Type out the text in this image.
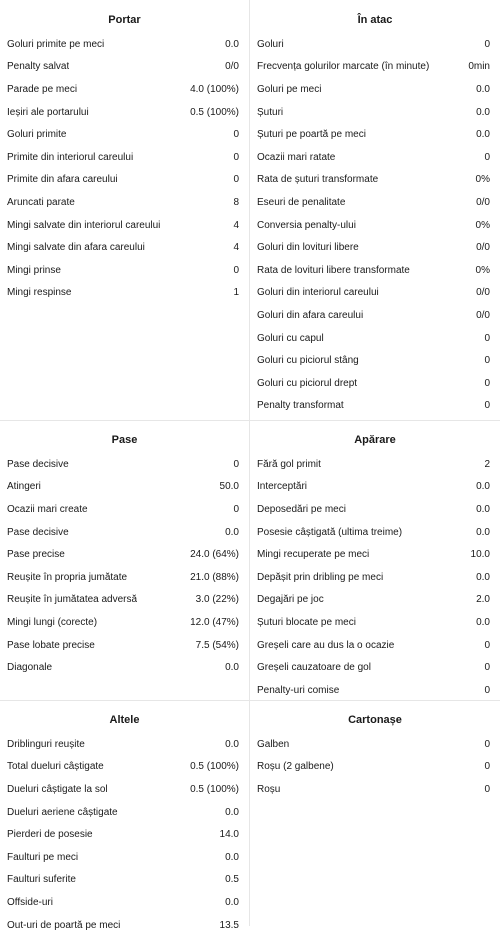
Portar
Goluri primite pe meci	0.0
Penalty salvat	0/0
Parade pe meci	4.0 (100%)
Ieșiri ale portarului	0.5 (100%)
Goluri primite	0
Primite din interiorul careului	0
Primite din afara careului	0
Aruncati parate	8
Mingi salvate din interiorul careului	4
Mingi salvate din afara careului	4
Mingi prinse	0
Mingi respinse	1
În atac
Goluri	0
Frecvența golurilor marcate (în minute)	0min
Goluri pe meci	0.0
Șuturi	0.0
Șuturi pe poartă pe meci	0.0
Ocazii mari ratate	0
Rata de șuturi transformate	0%
Eseuri de penalitate	0/0
Conversia penalty-ului	0%
Goluri din lovituri libere	0/0
Rata de lovituri libere transformate	0%
Goluri din interiorul careului	0/0
Goluri din afara careului	0/0
Goluri cu capul	0
Goluri cu piciorul stâng	0
Goluri cu piciorul drept	0
Penalty transformat	0
Pase
Pase decisive	0
Atingeri	50.0
Ocazii mari create	0
Pase decisive	0.0
Pase precise	24.0 (64%)
Reușite în propria jumătate	21.0 (88%)
Reușite în jumătatea adversă	3.0 (22%)
Mingi lungi (corecte)	12.0 (47%)
Pase lobate precise	7.5 (54%)
Diagonale	0.0
Apărare
Fără gol primit	2
Interceptări	0.0
Deposedări pe meci	0.0
Posesie câștigată (ultima treime)	0.0
Mingi recuperate pe meci	10.0
Depășit prin dribling pe meci	0.0
Degajări pe joc	2.0
Șuturi blocate pe meci	0.0
Greșeli care au dus la o ocazie	0
Greșeli cauzatoare de gol	0
Penalty-uri comise	0
Altele
Driblinguri reușite	0.0
Total dueluri câștigate	0.5 (100%)
Dueluri câștigate la sol	0.5 (100%)
Dueluri aeriene câștigate	0.0
Pierderi de posesie	14.0
Faulturi pe meci	0.0
Faulturi suferite	0.5
Offside-uri	0.0
Out-uri de poartă pe meci	13.5
Cartonașe
Galben	0
Roșu (2 galbene)	0
Roșu	0
